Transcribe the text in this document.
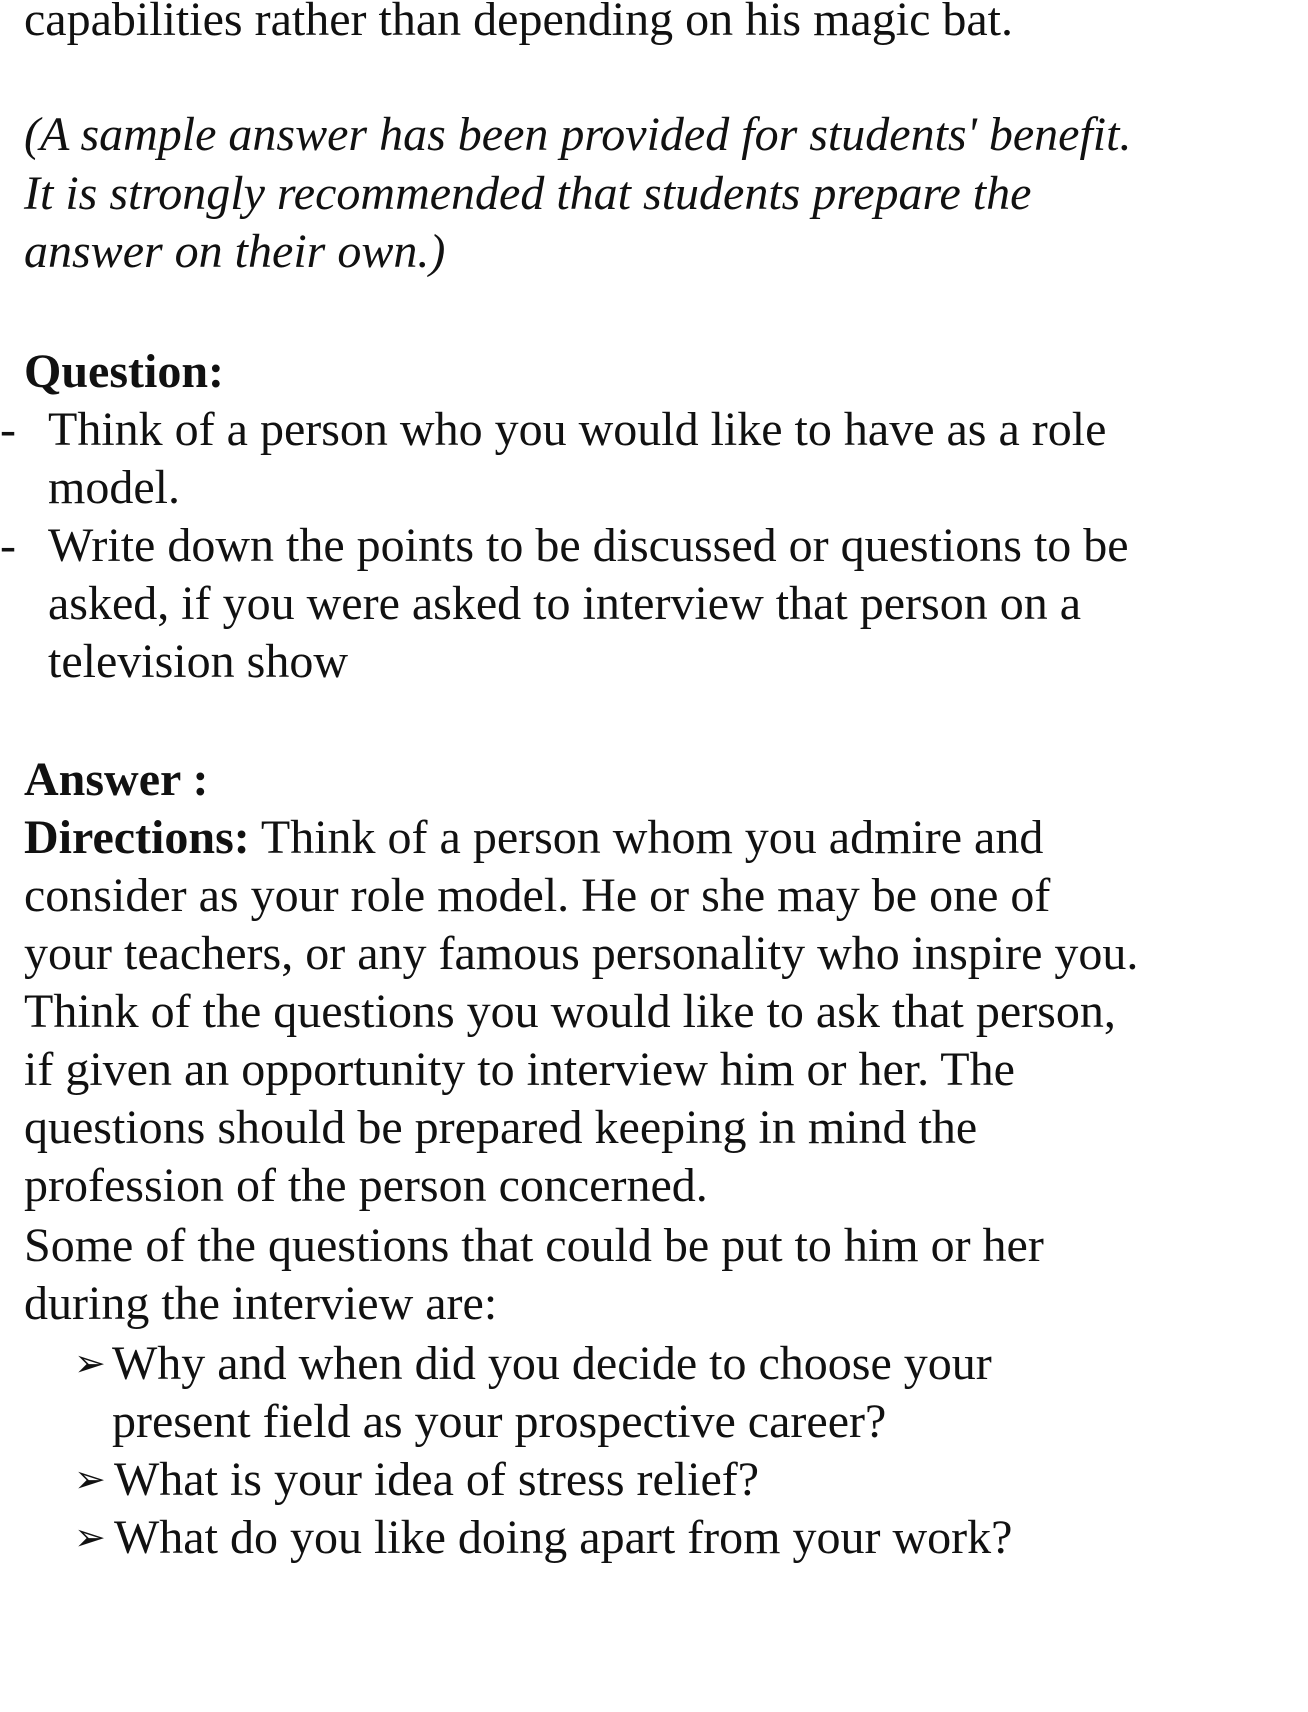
capabilities rather than depending on his magic bat.
(A sample answer has been provided for students' benefit.
It is strongly recommended that students prepare the
answer on their own.)
Question:
- Think of a person who you would like to have as a role
model.
- Write down the points to be discussed or questions to be
asked, if you were asked to interview that person on a
television show
Answer :
Directions: Think of a person whom you admire and
consider as your role model. He or she may be one of
your teachers, or any famous personality who inspire you.
Think of the questions you would like to ask that person,
if given an opportunity to interview him or her. The
questions should be prepared keeping in mind the
profession of the person concerned.
Some of the questions that could be put to him or her
during the interview are:
➢ Why and when did you decide to choose your
present field as your prospective career?
➢ What is your idea of stress relief?
➢ What do you like doing apart from your work?
